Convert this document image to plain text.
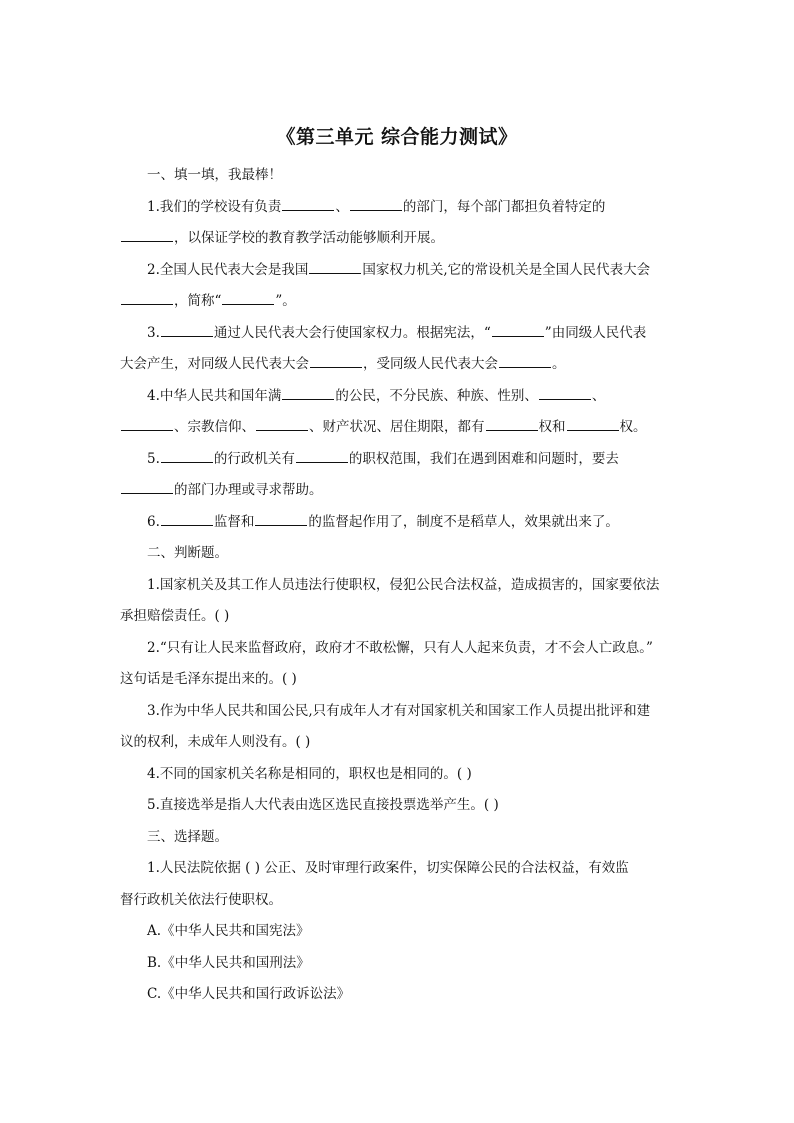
《第三单元 综合能力测试》

一、填一填，我最棒！

1.我们的学校设有负责	、	的部门，每个部门都担负着特定的

，以保证学校的教育教学活动能够顺利开展。

2.全国人民代表大会是我国	国家权力机关,它的常设机关是全国人民代表大会

，简称“	”。

3.	通过人民代表大会行使国家权力。根据宪法，“	”由同级人民代表

大会产生，对同级人民代表大会	，受同级人民代表大会	。

4.中华人民共和国年满	的公民，不分民族、种族、性别、	、

、宗教信仰、	、财产状况、居住期限，都有	权和	权。

5.	的行政机关有	的职权范围，我们在遇到困难和问题时，要去

的部门办理或寻求帮助。

6.	监督和	的监督起作用了，制度不是稻草人，效果就出来了。

二、判断题。

1.国家机关及其工作人员违法行使职权，侵犯公民合法权益，造成损害的，国家要依法

承担赔偿责任。( )

2.“只有让人民来监督政府，政府才不敢松懈，只有人人起来负责，才不会人亡政息。”

这句话是毛泽东提出来的。( )

3.作为中华人民共和国公民,只有成年人才有对国家机关和国家工作人员提出批评和建

议的权利，未成年人则没有。( )

4.不同的国家机关名称是相同的，职权也是相同的。( )

5.直接选举是指人大代表由选区选民直接投票选举产生。( )

三、选择题。

1.人民法院依据 ( ) 公正、及时审理行政案件，切实保障公民的合法权益，有效监

督行政机关依法行使职权。

A.《中华人民共和国宪法》

B.《中华人民共和国刑法》

C.《中华人民共和国行政诉讼法》
